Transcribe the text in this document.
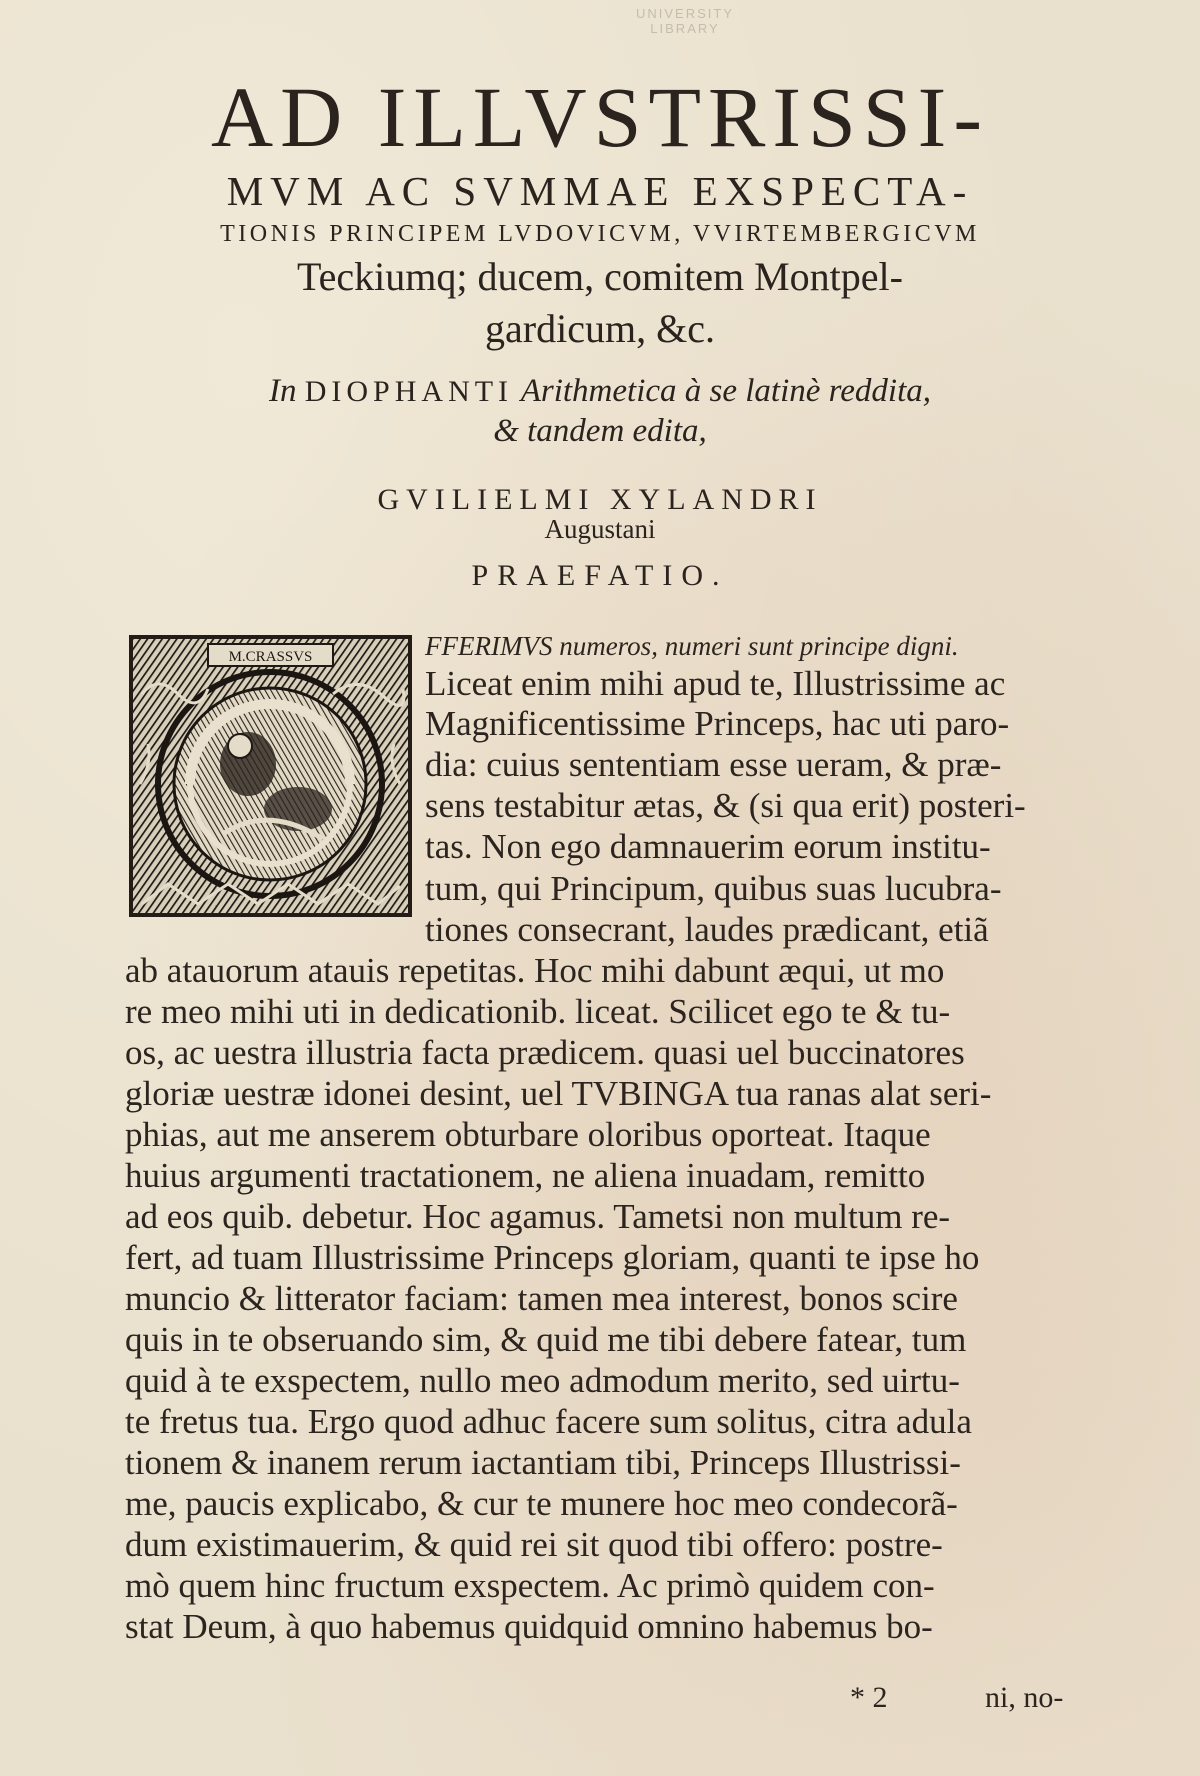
UNIVERSITY LIBRARY
AD ILLVSTRISSI-
MVM AC SVMMAE EXSPECTA-
TIONIS PRINCIPEM LVDOVICVM, VVIRTEMBERGICVM
Teckiumq; ducem, comitem Montpel-
gardicum, &c.
In DIOPHANTI Arithmetica à se latinè reddita,
& tandem edita,
GVILIELMI XYLANDRI
Augustani
PRAEFATIO.
M.CRASSVS	FFERIMVS numeros, numeri sunt principe digni.
Liceat enim mihi apud te, Illustrissime ac
Magnificentissime Princeps, hac uti paro-
dia: cuius sententiam esse ueram, & præ-
sens testabitur ætas, & (si qua erit) posteri-
tas. Non ego damnauerim eorum institu-
tum, qui Principum, quibus suas lucubra-
tiones consecrant, laudes prædicant, etiã
ab atauorum atauis repetitas. Hoc mihi dabunt æqui, ut mo
re meo mihi uti in dedicationib. liceat. Scilicet ego te & tu-
os, ac uestra illustria facta prædicem. quasi uel buccinatores
gloriæ uestræ idonei desint, uel TVBINGA tua ranas alat seri-
phias, aut me anserem obturbare oloribus oporteat. Itaque
huius argumenti tractationem, ne aliena inuadam, remitto
ad eos quib. debetur. Hoc agamus. Tametsi non multum re-
fert, ad tuam Illustrissime Princeps gloriam, quanti te ipse ho
muncio & litterator faciam: tamen mea interest, bonos scire
quis in te obseruando sim, & quid me tibi debere fatear, tum
quid à te exspectem, nullo meo admodum merito, sed uirtu-
te fretus tua. Ergo quod adhuc facere sum solitus, citra adula
tionem & inanem rerum iactantiam tibi, Princeps Illustrissi-
me, paucis explicabo, & cur te munere hoc meo condecorã-
dum existimauerim, & quid rei sit quod tibi offero: postre-
mò quem hinc fructum exspectem. Ac primò quidem con-
stat Deum, à quo habemus quidquid omnino habemus bo-
* 2	ni, no-
